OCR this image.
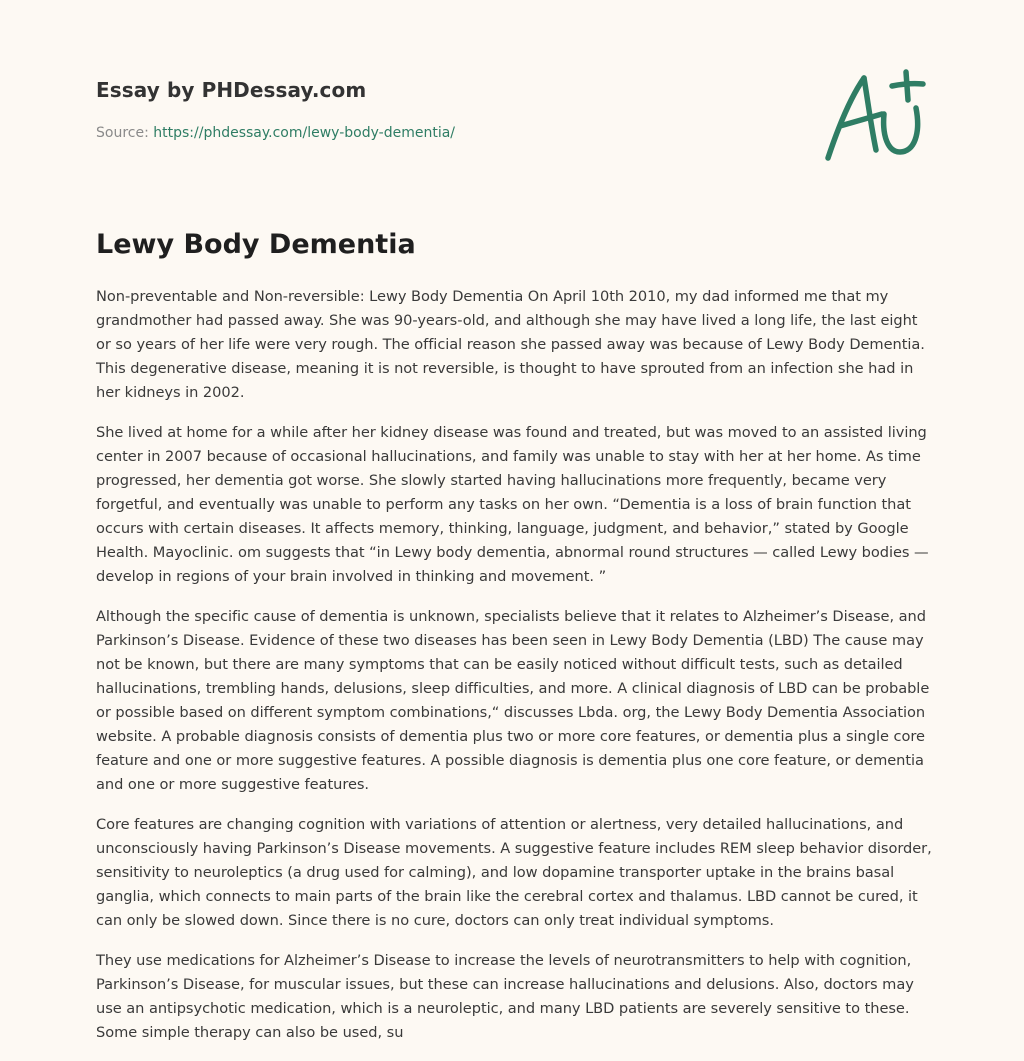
Essay by PHDessay.com
Source: https://phdessay.com/lewy-body-dementia/
Lewy Body Dementia

Non-preventable and Non-reversible: Lewy Body Dementia On April 10th 2010, my dad informed me that my grandmother had passed away. She was 90-years-old, and although she may have lived a long life, the last eight or so years of her life were very rough. The official reason she passed away was because of Lewy Body Dementia. This degenerative disease, meaning it is not reversible, is thought to have sprouted from an infection she had in her kidneys in 2002.

She lived at home for a while after her kidney disease was found and treated, but was moved to an assisted living center in 2007 because of occasional hallucinations, and family was unable to stay with her at her home. As time progressed, her dementia got worse. She slowly started having hallucinations more frequently, became very forgetful, and eventually was unable to perform any tasks on her own. “Dementia is a loss of brain function that occurs with certain diseases. It affects memory, thinking, language, judgment, and behavior,” stated by Google Health. Mayoclinic. om suggests that “in Lewy body dementia, abnormal round structures — called Lewy bodies — develop in regions of your brain involved in thinking and movement. ”

Although the specific cause of dementia is unknown, specialists believe that it relates to Alzheimer’s Disease, and Parkinson’s Disease. Evidence of these two diseases has been seen in Lewy Body Dementia (LBD) The cause may not be known, but there are many symptoms that can be easily noticed without difficult tests, such as detailed hallucinations, trembling hands, delusions, sleep difficulties, and more. A clinical diagnosis of LBD can be probable or possible based on different symptom combinations,“ discusses Lbda. org, the Lewy Body Dementia Association website. A probable diagnosis consists of dementia plus two or more core features, or dementia plus a single core feature and one or more suggestive features. A possible diagnosis is dementia plus one core feature, or dementia and one or more suggestive features.

Core features are changing cognition with variations of attention or alertness, very detailed hallucinations, and unconsciously having Parkinson’s Disease movements. A suggestive feature includes REM sleep behavior disorder, sensitivity to neuroleptics (a drug used for calming), and low dopamine transporter uptake in the brains basal ganglia, which connects to main parts of the brain like the cerebral cortex and thalamus. LBD cannot be cured, it can only be slowed down. Since there is no cure, doctors can only treat individual symptoms.

They use medications for Alzheimer’s Disease to increase the levels of neurotransmitters to help with cognition, Parkinson’s Disease, for muscular issues, but these can increase hallucinations and delusions. Also, doctors may use an antipsychotic medication, which is a neuroleptic, and many LBD patients are severely sensitive to these. Some simple therapy can also be used, su
